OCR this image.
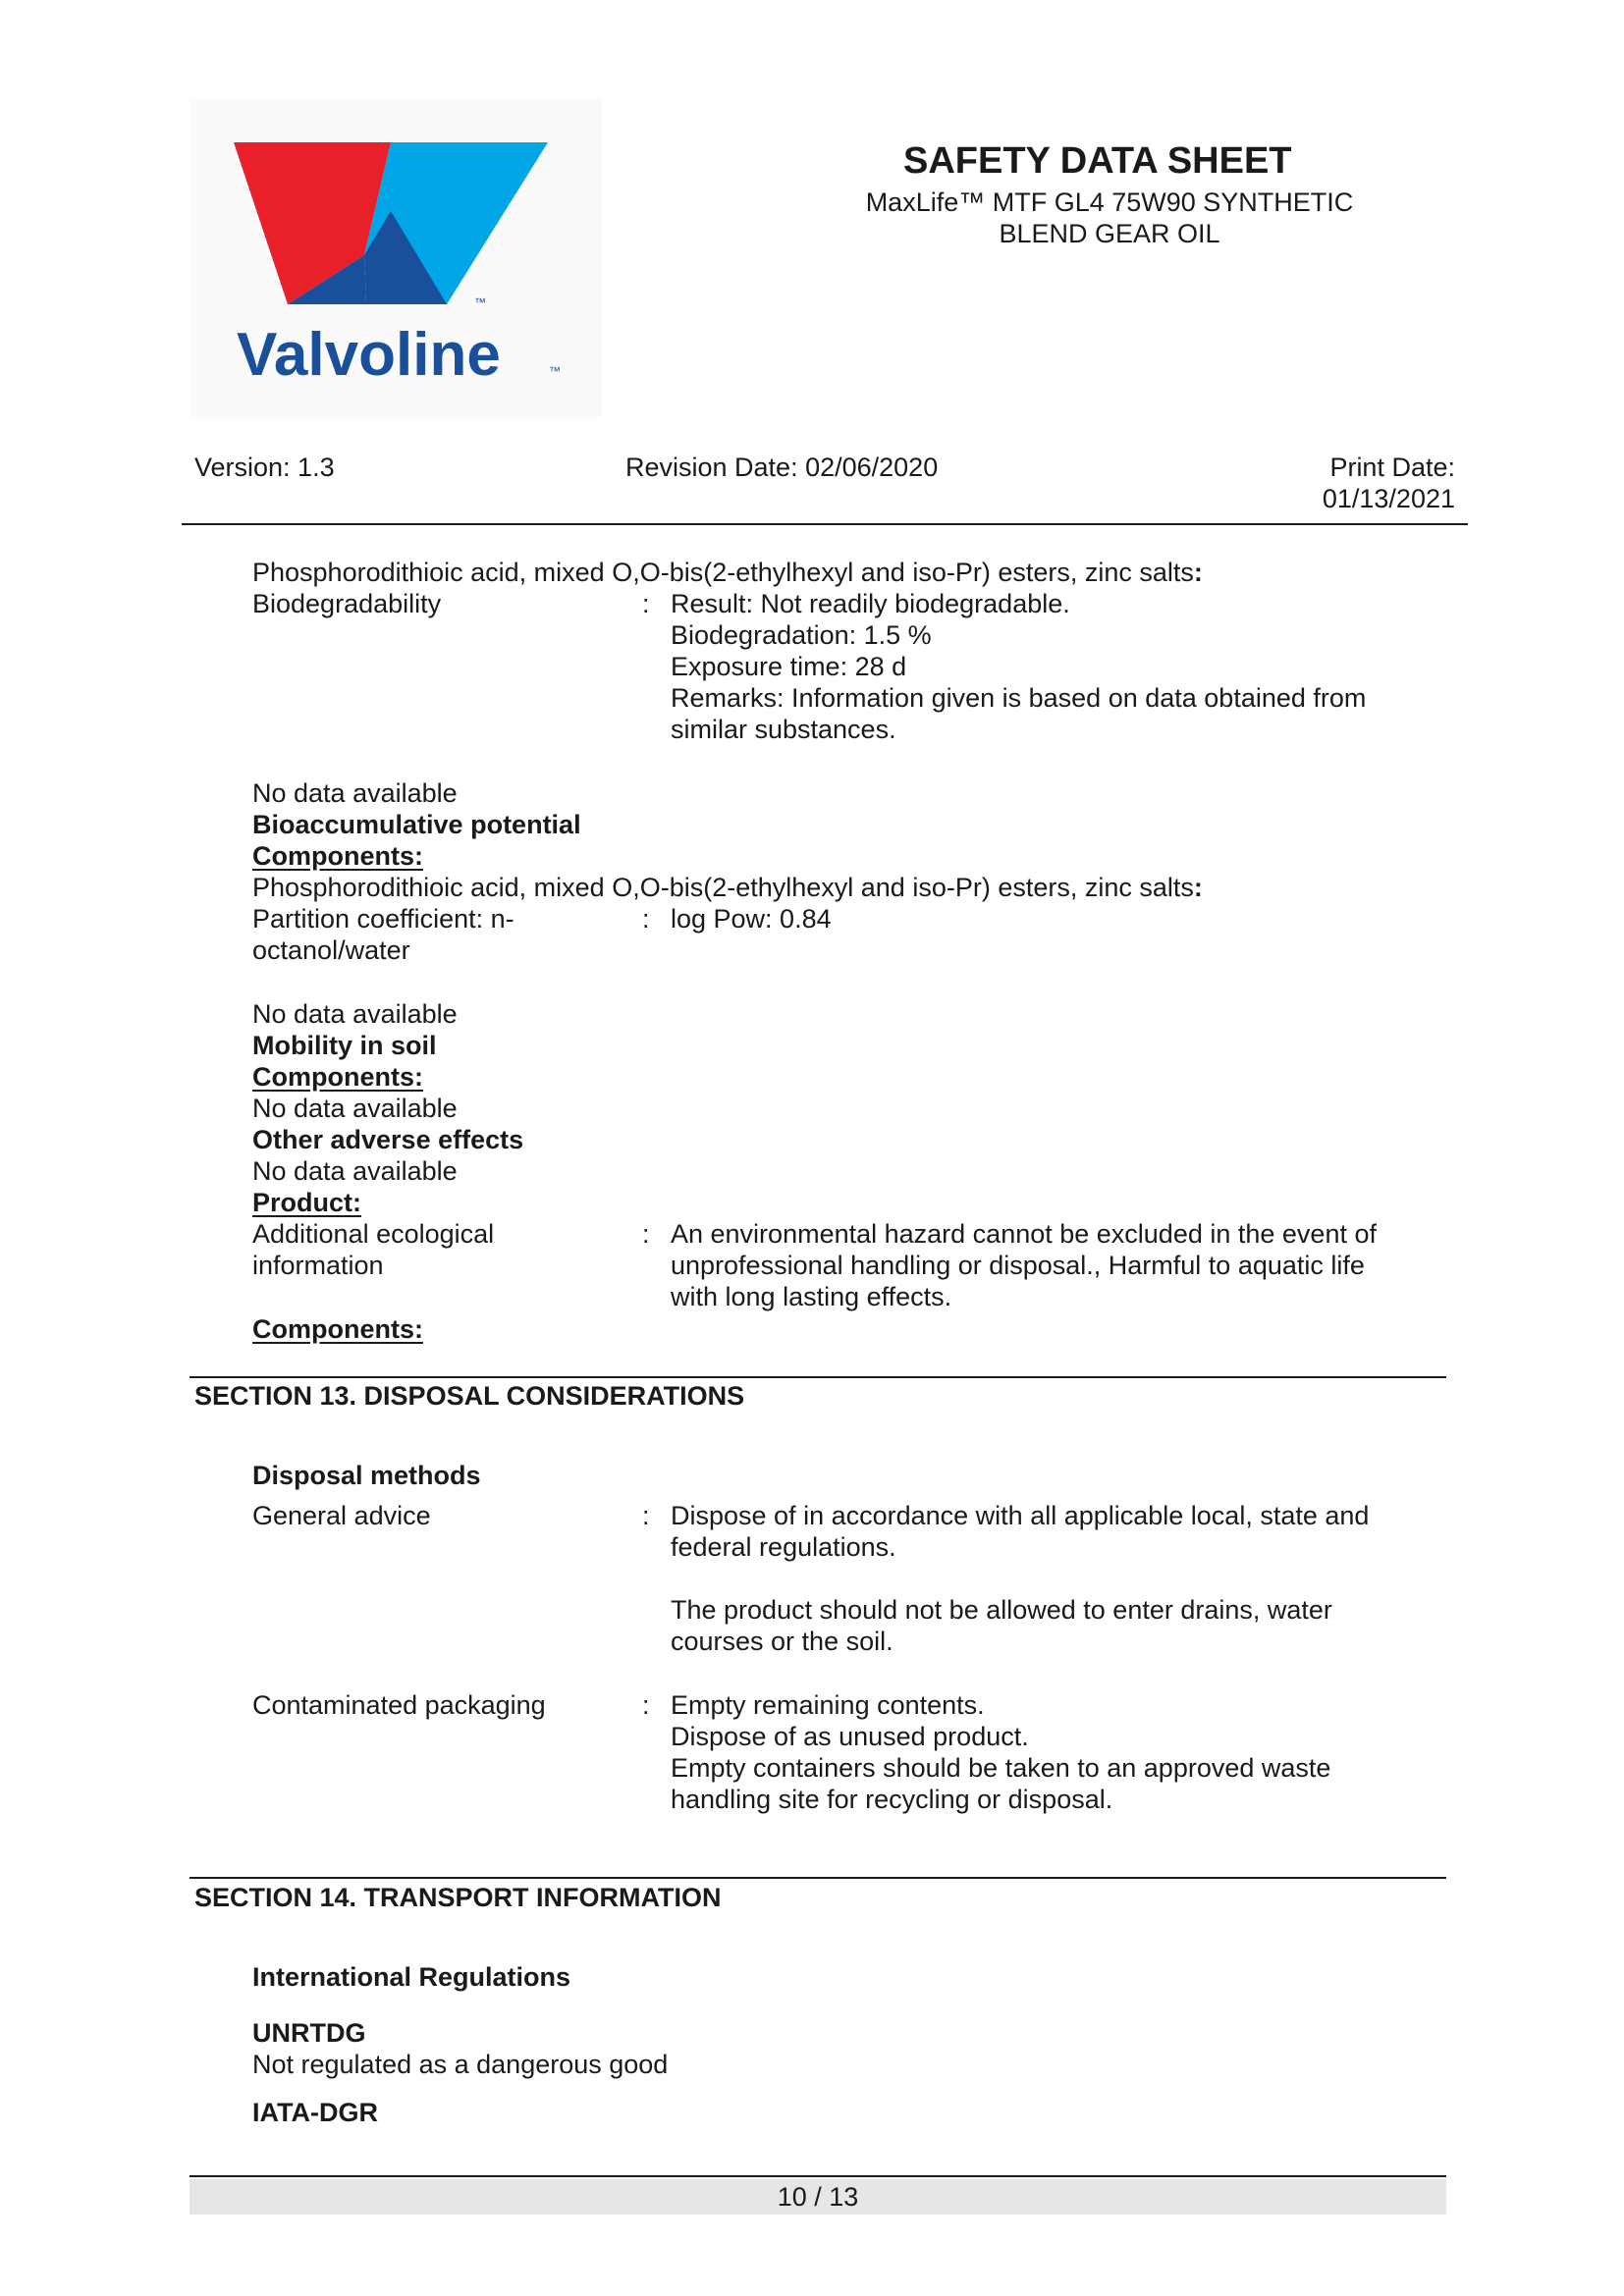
Valvoline
™
™
SAFETY DATA SHEET
MaxLife™ MTF GL4 75W90 SYNTHETIC
BLEND GEAR OIL
Version: 1.3	Revision Date: 02/06/2020	Print Date:
01/13/2021
Phosphorodithioic acid, mixed O,O-bis(2-ethylhexyl and iso-Pr) esters, zinc salts:
Biodegradability	: Result: Not readily biodegradable.
Biodegradation: 1.5 %
Exposure time: 28 d
Remarks: Information given is based on data obtained from
similar substances.
No data available
Bioaccumulative potential
Components:
Phosphorodithioic acid, mixed O,O-bis(2-ethylhexyl and iso-Pr) esters, zinc salts:
Partition coefficient: n-
octanol/water
: log Pow: 0.84
No data available
Mobility in soil
Components:
No data available
Other adverse effects
No data available
Product:
Additional ecological
information
: An environmental hazard cannot be excluded in the event of
unprofessional handling or disposal., Harmful to aquatic life
with long lasting effects.
Components:
SECTION 13. DISPOSAL CONSIDERATIONS
Disposal methods
General advice	: Dispose of in accordance with all applicable local, state and
federal regulations.
The product should not be allowed to enter drains, water
courses or the soil.
Contaminated packaging	: Empty remaining contents.
Dispose of as unused product.
Empty containers should be taken to an approved waste
handling site for recycling or disposal.
SECTION 14. TRANSPORT INFORMATION
International Regulations
UNRTDG
Not regulated as a dangerous good
IATA-DGR
10 / 13
